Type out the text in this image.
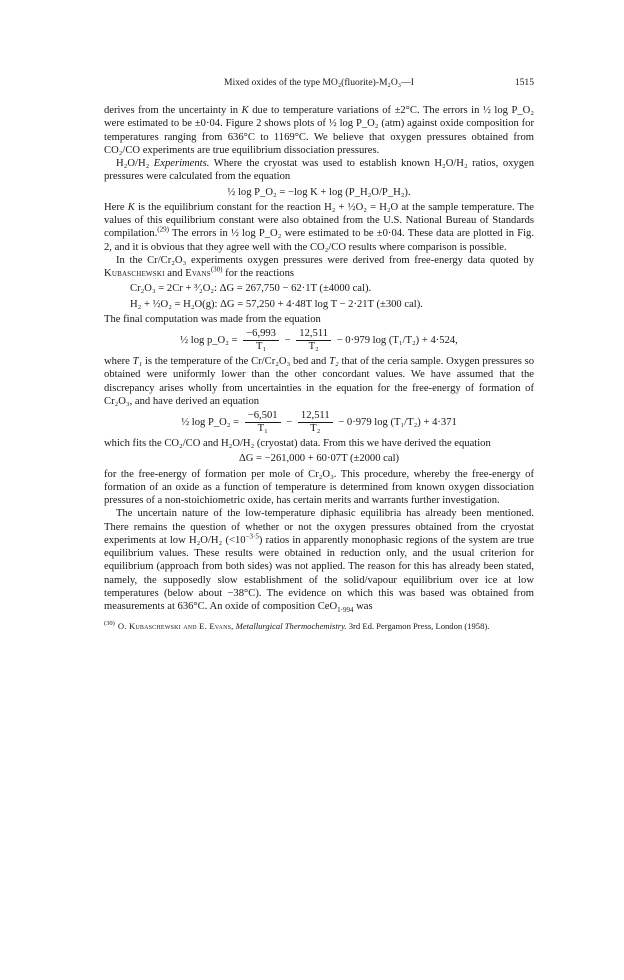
Mixed oxides of the type MO₂(fluorite)-M₂O₃—I	1515

derives from the uncertainty in K due to temperature variations of ±2°C. The errors in ½ log P_O₂ were estimated to be ±0·04. Figure 2 shows plots of ½ log P_O₂ (atm) against oxide composition for temperatures ranging from 636°C to 1169°C. We believe that oxygen pressures obtained from CO₂/CO experiments are true equilibrium dissociation pressures.

H₂O/H₂ Experiments. Where the cryostat was used to establish known H₂O/H₂ ratios, oxygen pressures were calculated from the equation

½ log P_O₂ = −log K + log (P_H₂O/P_H₂).

Here K is the equilibrium constant for the reaction H₂ + ½O₂ = H₂O at the sample temperature. The values of this equilibrium constant were also obtained from the U.S. National Bureau of Standards compilation.$^{(29)}$ The errors in ½ log P_O₂ were estimated to be ±0·04. These data are plotted in Fig. 2, and it is obvious that they agree well with the CO₂/CO results where comparison is possible.

In the Cr/Cr₂O₃ experiments oxygen pressures were derived from free-energy data quoted by Kubaschewski and Evans$^{(30)}$ for the reactions

Cr₂O₃ = 2Cr + ³⁄₂O₂: ΔG = 267,750 − 62·1T (±4000 cal).
H₂ + ½O₂ = H₂O(g): ΔG = 57,250 + 4·48T log T − 2·21T (±300 cal).

The final computation was made from the equation

½ log p_O₂ = $\frac{-6,993}{\text{T₁}} - \frac{12,511}{\text{T₂}} - 0\cdot 979$ log (T₁/T₂) + 4·524,

where T₁ is the temperature of the Cr/Cr₂O₃ bed and T₂ that of the ceria sample. Oxygen pressures so obtained were uniformly lower than the other concordant values. We have assumed that the discrepancy arises wholly from uncertainties in the equation for the free-energy of formation of Cr₂O₃, and have derived an equation

½ log P_O₂ = $\frac{-6,501}{\text{T₁}} - \frac{12,511}{\text{T₂}} - 0\cdot 979$ log (T₁/T₂) + 4·371

which fits the CO₂/CO and H₂O/H₂ (cryostat) data. From this we have derived the equation

ΔG = −261,000 + 60·07T (±2000 cal)

for the free-energy of formation per mole of Cr₂O₃. This procedure, whereby the free-energy of formation of an oxide as a function of temperature is determined from known oxygen dissociation pressures of a non-stoichiometric oxide, has certain merits and warrants further investigation.

The uncertain nature of the low-temperature diphasic equilibria has already been mentioned. There remains the question of whether or not the oxygen pressures obtained from the cryostat experiments at low H₂O/H₂ $(<10^{-3\cdot 5})$ ratios in apparently monophasic regions of the system are true equilibrium values. These results were obtained in reduction only, and the usual criterion for equilibrium (approach from both sides) was not applied. The reason for this has already been stated, namely, the supposedly slow establishment of the solid/vapour equilibrium over ice at low temperatures (below about −38°C). The evidence on which this was based was obtained from measurements at 636°C. An oxide of composition CeO$_{1\cdot 994}$ was

$^{(30)}$ O. Kubaschewski and E. Evans, Metallurgical Thermochemistry. 3rd Ed. Pergamon Press, London (1958).
